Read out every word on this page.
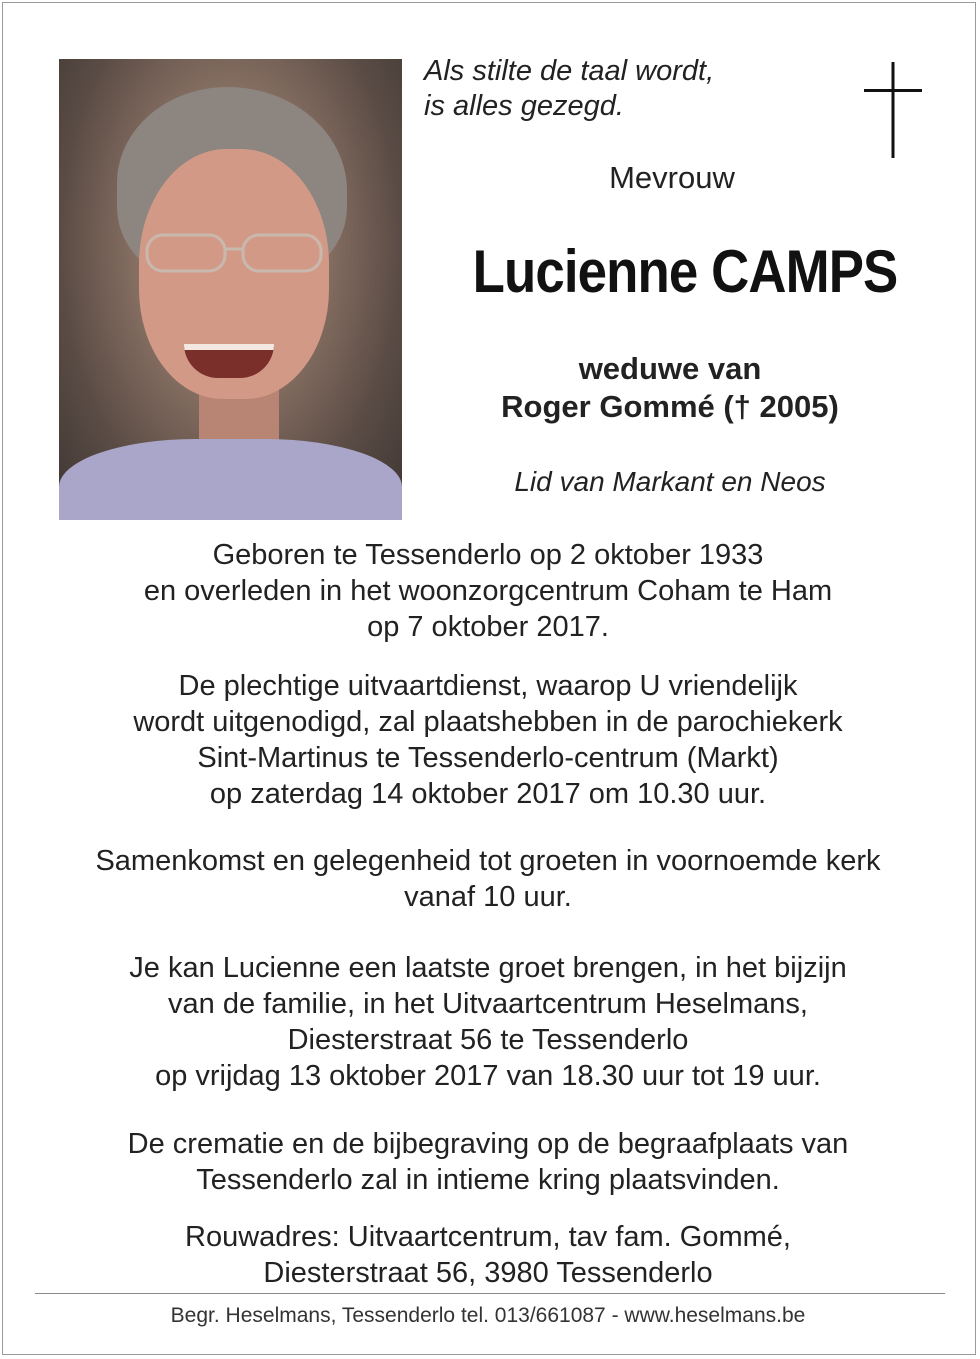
Als stilte de taal wordt,
is alles gezegd.
Mevrouw
Lucienne CAMPS
weduwe van
Roger Gommé († 2005)
Lid van Markant en Neos
Geboren te Tessenderlo op 2 oktober 1933
en overleden in het woonzorgcentrum Coham te Ham
op 7 oktober 2017.
De plechtige uitvaartdienst, waarop U vriendelijk
wordt uitgenodigd, zal plaatshebben in de parochiekerk
Sint-Martinus te Tessenderlo-centrum (Markt)
op zaterdag 14 oktober 2017 om 10.30 uur.
Samenkomst en gelegenheid tot groeten in voornoemde kerk
vanaf 10 uur.
Je kan Lucienne een laatste groet brengen, in het bijzijn
van de familie, in het Uitvaartcentrum Heselmans,
Diesterstraat 56 te Tessenderlo
op vrijdag 13 oktober 2017 van 18.30 uur tot 19 uur.
De crematie en de bijbegraving op de begraafplaats van
Tessenderlo zal in intieme kring plaatsvinden.
Rouwadres: Uitvaartcentrum, tav fam. Gommé,
Diesterstraat 56, 3980 Tessenderlo
Begr. Heselmans, Tessenderlo tel. 013/661087 - www.heselmans.be
